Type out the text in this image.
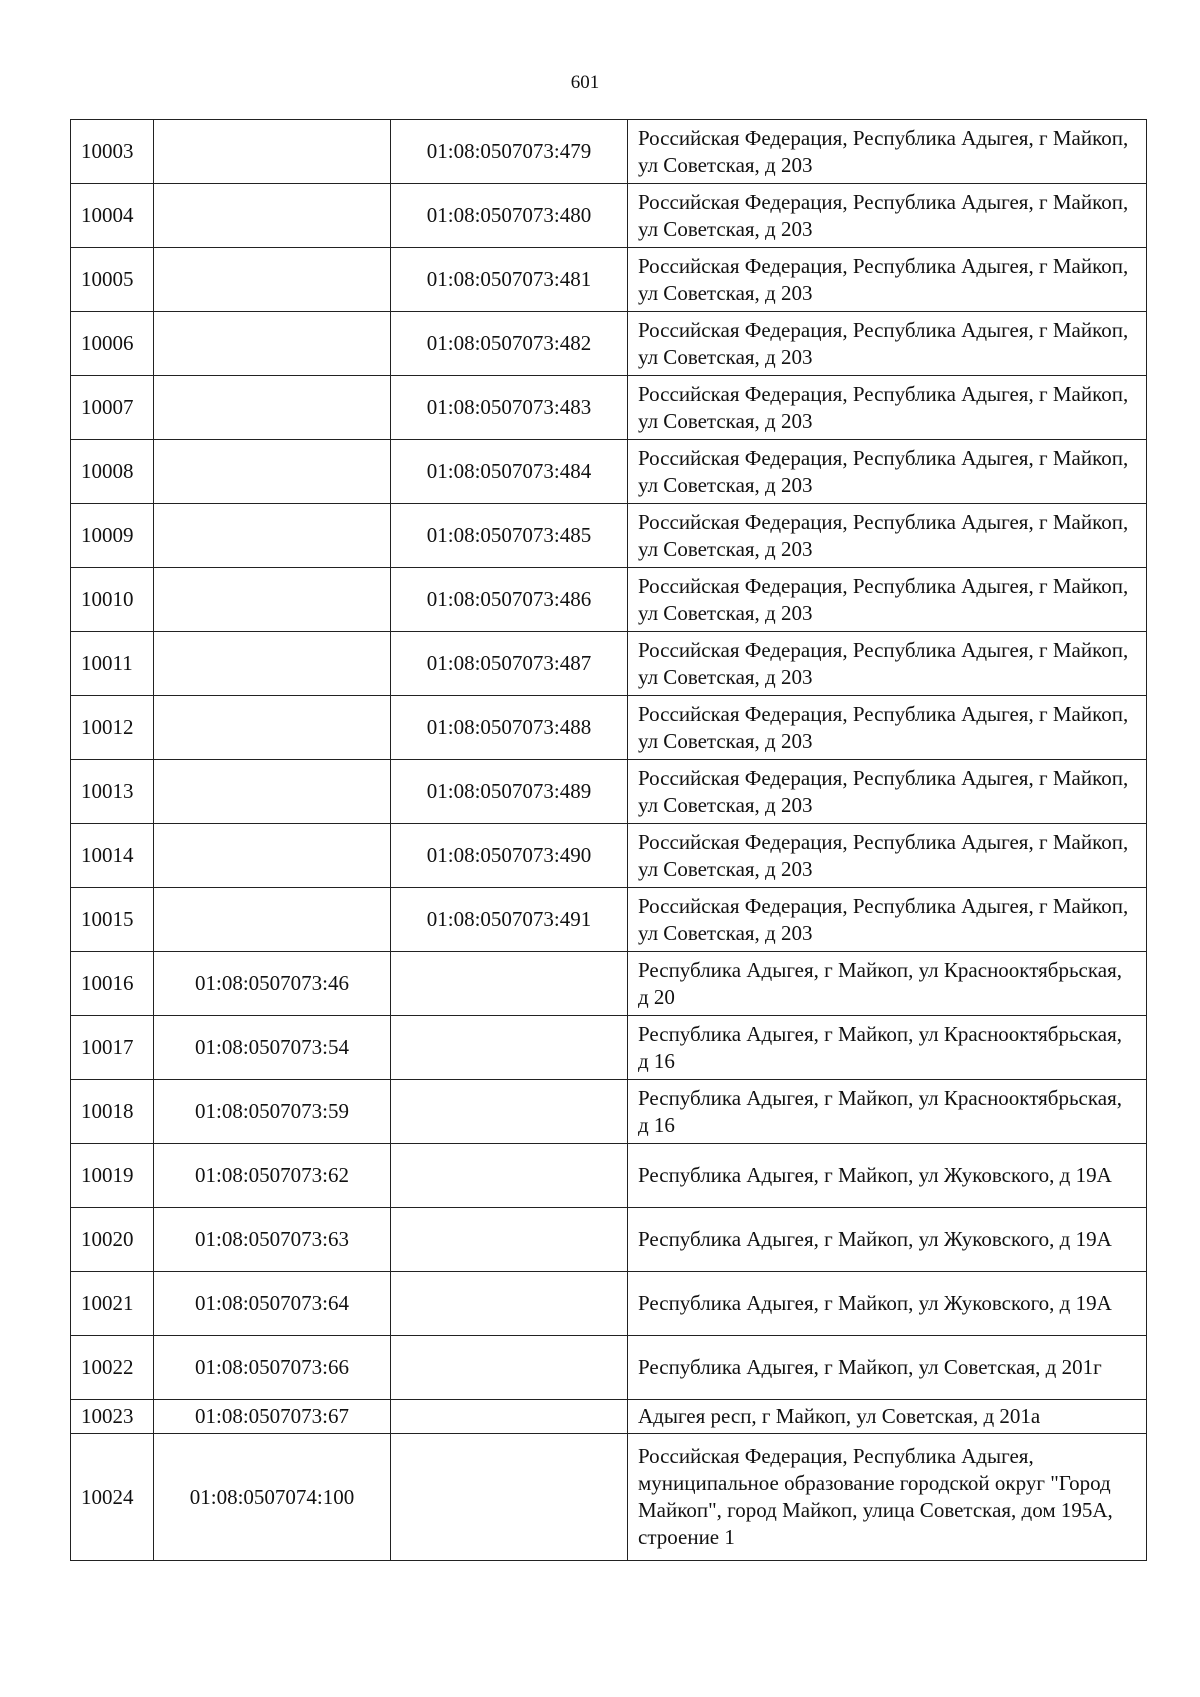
601
10003		01:08:0507073:479	Российская Федерация, Республика Адыгея, г Майкоп, ул Советская, д 203
10004		01:08:0507073:480	Российская Федерация, Республика Адыгея, г Майкоп, ул Советская, д 203
10005		01:08:0507073:481	Российская Федерация, Республика Адыгея, г Майкоп, ул Советская, д 203
10006		01:08:0507073:482	Российская Федерация, Республика Адыгея, г Майкоп, ул Советская, д 203
10007		01:08:0507073:483	Российская Федерация, Республика Адыгея, г Майкоп, ул Советская, д 203
10008		01:08:0507073:484	Российская Федерация, Республика Адыгея, г Майкоп, ул Советская, д 203
10009		01:08:0507073:485	Российская Федерация, Республика Адыгея, г Майкоп, ул Советская, д 203
10010		01:08:0507073:486	Российская Федерация, Республика Адыгея, г Майкоп, ул Советская, д 203
10011		01:08:0507073:487	Российская Федерация, Республика Адыгея, г Майкоп, ул Советская, д 203
10012		01:08:0507073:488	Российская Федерация, Республика Адыгея, г Майкоп, ул Советская, д 203
10013		01:08:0507073:489	Российская Федерация, Республика Адыгея, г Майкоп, ул Советская, д 203
10014		01:08:0507073:490	Российская Федерация, Республика Адыгея, г Майкоп, ул Советская, д 203
10015		01:08:0507073:491	Российская Федерация, Республика Адыгея, г Майкоп, ул Советская, д 203
10016	01:08:0507073:46		Республика Адыгея, г Майкоп, ул Краснооктябрьская, д 20
10017	01:08:0507073:54		Республика Адыгея, г Майкоп, ул Краснооктябрьская, д 16
10018	01:08:0507073:59		Республика Адыгея, г Майкоп, ул Краснооктябрьская, д 16
10019	01:08:0507073:62		Республика Адыгея, г Майкоп, ул Жуковского, д 19А
10020	01:08:0507073:63		Республика Адыгея, г Майкоп, ул Жуковского, д 19А
10021	01:08:0507073:64		Республика Адыгея, г Майкоп, ул Жуковского, д 19А
10022	01:08:0507073:66		Республика Адыгея, г Майкоп, ул Советская, д 201г
10023	01:08:0507073:67		Адыгея респ, г Майкоп, ул Советская, д 201а
10024	01:08:0507074:100		Российская Федерация, Республика Адыгея, муниципальное образование городской округ "Город Майкоп", город Майкоп, улица Советская, дом 195А, строение 1
